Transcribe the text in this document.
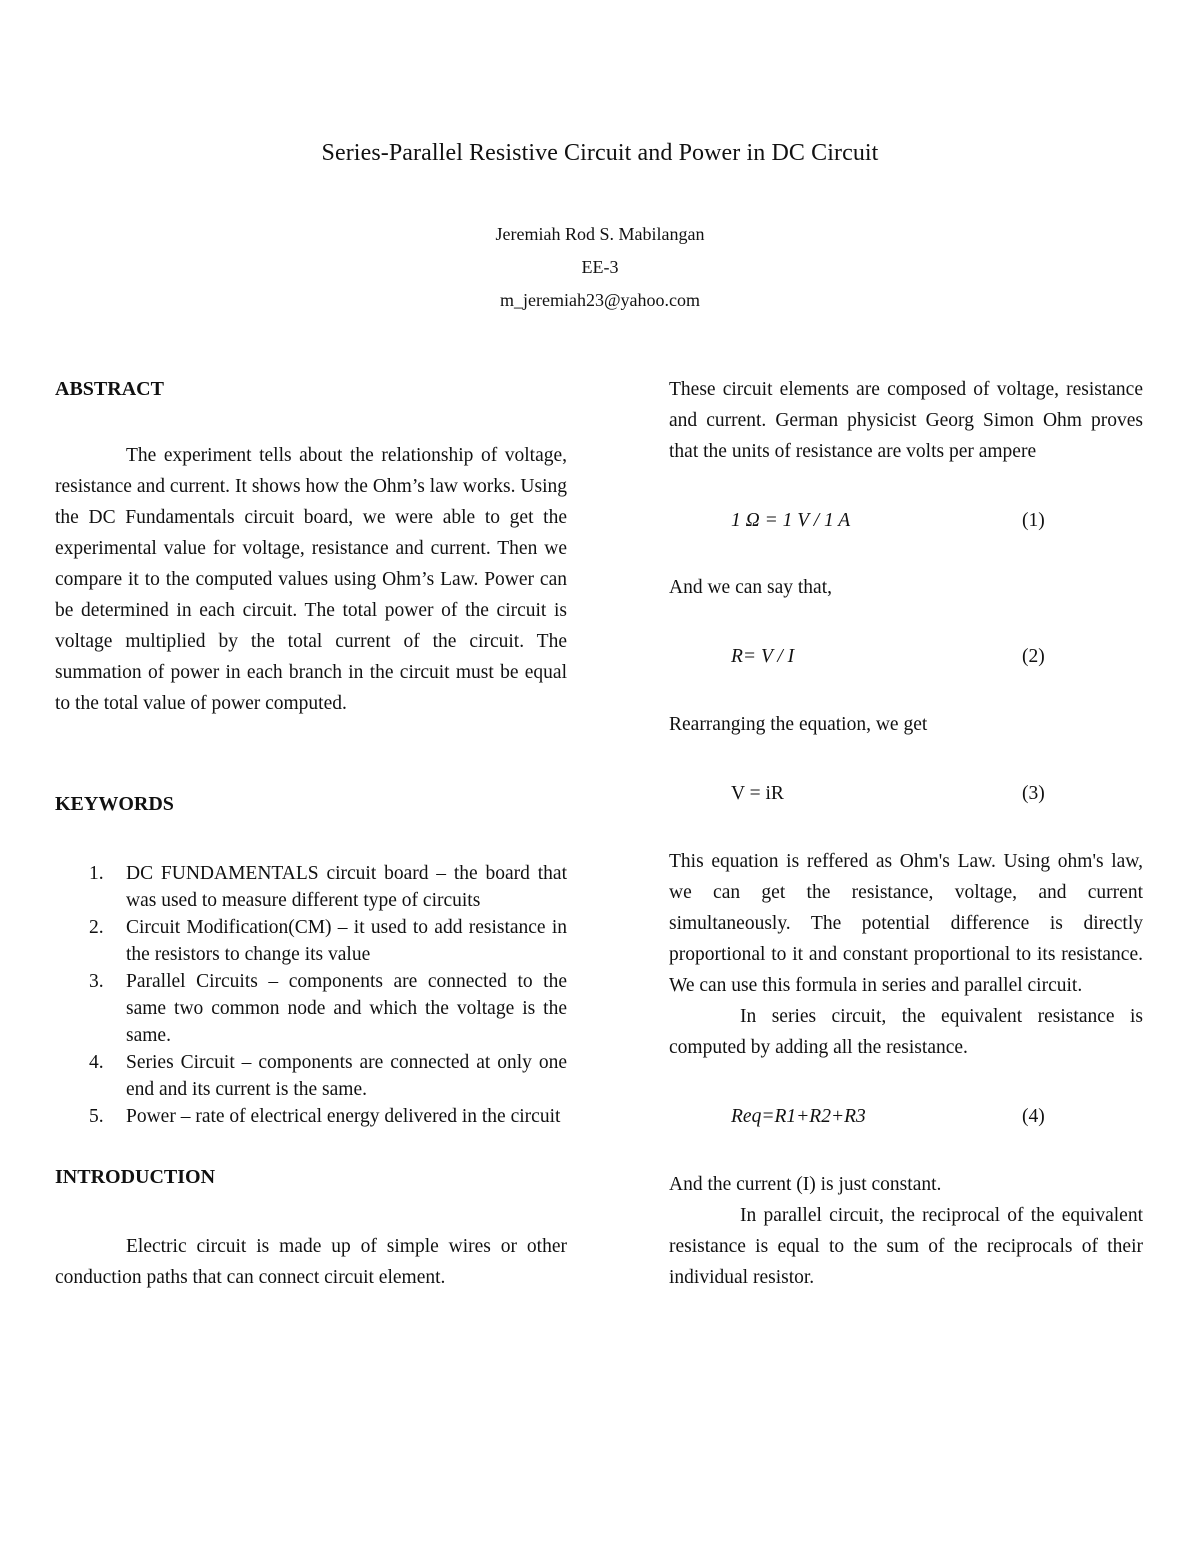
Series-Parallel Resistive Circuit and Power in DC Circuit
Jeremiah Rod S. Mabilangan
EE-3
m_jeremiah23@yahoo.com

ABSTRACT

The experiment tells about the relationship of voltage, resistance and current. It shows how the Ohm’s law works. Using the DC Fundamentals circuit board, we were able to get the experimental value for voltage, resistance and current. Then we compare it to the computed values using Ohm’s Law. Power can be determined in each circuit. The total power of the circuit is voltage multiplied by the total current of the circuit. The summation of power in each branch in the circuit must be equal to the total value of power computed.

KEYWORDS

1. DC FUNDAMENTALS circuit board – the board that was used to measure different type of circuits
2. Circuit Modification(CM) – it used to add resistance in the resistors to change its value
3. Parallel Circuits – components are connected to the same two common node and which the voltage is the same.
4. Series Circuit – components are connected at only one end and its current is the same.
5. Power – rate of electrical energy delivered in the circuit

INTRODUCTION

Electric circuit is made up of simple wires or other conduction paths that can connect circuit element.

These circuit elements are composed of voltage, resistance and current. German physicist Georg Simon Ohm proves that the units of resistance are volts per ampere

1 Ω = 1 V / 1 A	(1)

And we can say that,

R= V / I	(2)

Rearranging the equation, we get

V = iR	(3)

This equation is reffered as Ohm's Law. Using ohm's law, we can get the resistance, voltage, and current simultaneously. The potential difference is directly proportional to it and constant proportional to its resistance. We can use this formula in series and parallel circuit.

In series circuit, the equivalent resistance is computed by adding all the resistance.

Req=R1+R2+R3	(4)

And the current (I) is just constant.

In parallel circuit, the reciprocal of the equivalent resistance is equal to the sum of the reciprocals of their individual resistor.
